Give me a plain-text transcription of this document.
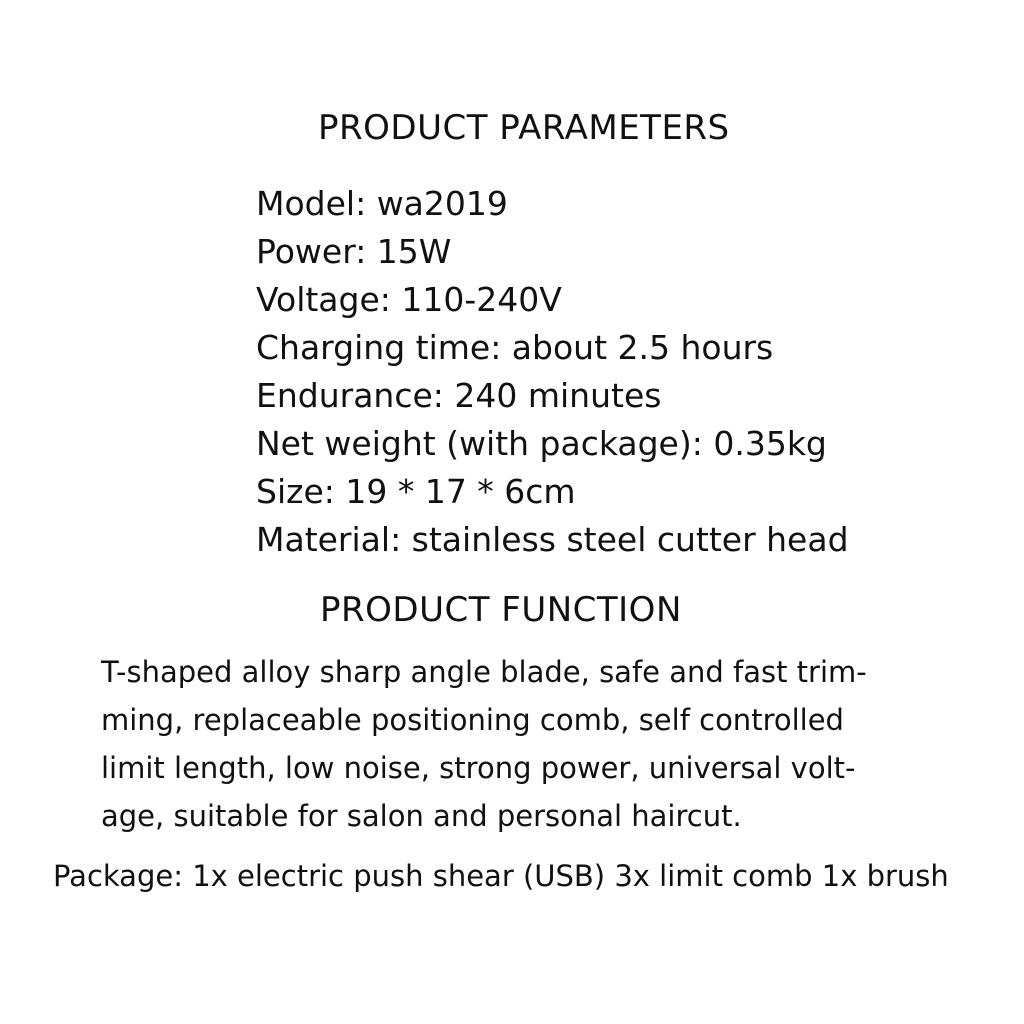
PRODUCT PARAMETERS
Model: wa2019
Power: 15W
Voltage: 110-240V
Charging time: about 2.5 hours
Endurance: 240 minutes
Net weight (with package): 0.35kg
Size: 19 * 17 * 6cm
Material: stainless steel cutter head
PRODUCT FUNCTION
T-shaped alloy sharp angle blade, safe and fast trim-
ming, replaceable positioning comb, self controlled
limit length, low noise, strong power, universal volt-
age, suitable for salon and personal haircut.
Package: 1x electric push shear (USB) 3x limit comb 1x brush
